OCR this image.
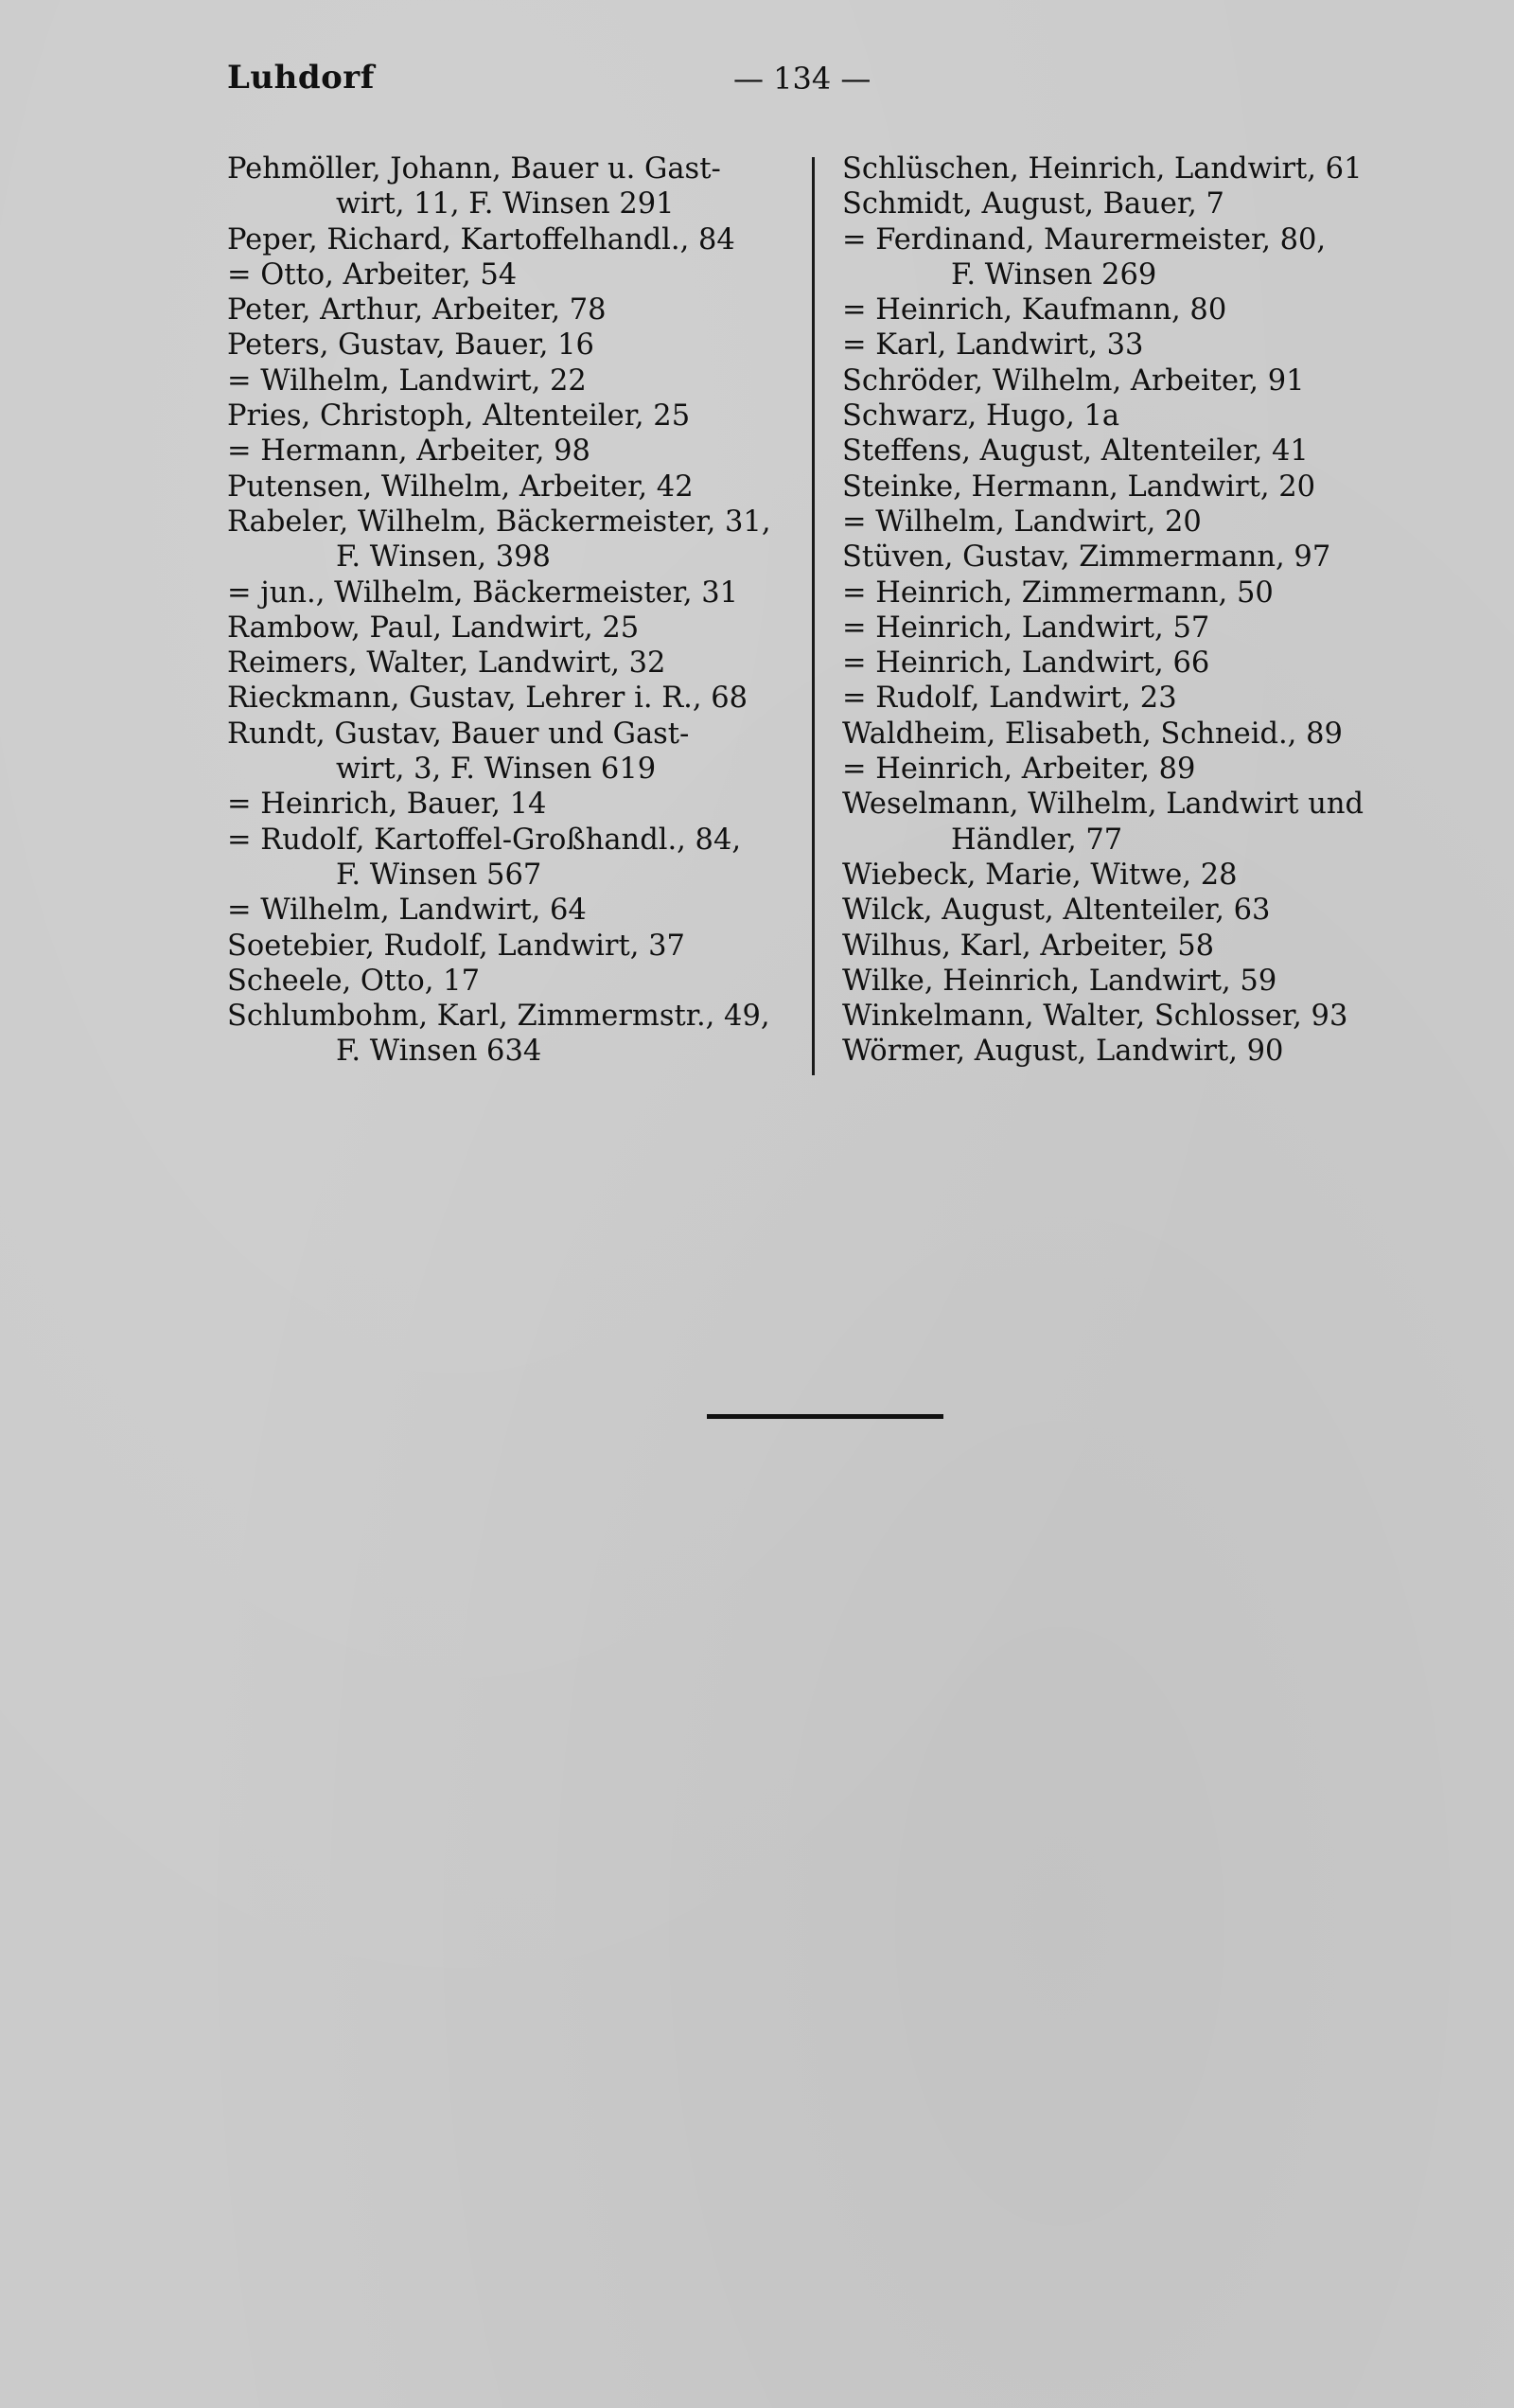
Luhdorf	— 134 —
Pehmöller, Johann, Bauer u. Gast-
wirt, 11, F. Winsen 291
Peper, Richard, Kartoffelhandl., 84
= Otto, Arbeiter, 54
Peter, Arthur, Arbeiter, 78
Peters, Gustav, Bauer, 16
= Wilhelm, Landwirt, 22
Pries, Christoph, Altenteiler, 25
= Hermann, Arbeiter, 98
Putensen, Wilhelm, Arbeiter, 42
Rabeler, Wilhelm, Bäckermeister, 31,
F. Winsen, 398
= jun., Wilhelm, Bäckermeister, 31
Rambow, Paul, Landwirt, 25
Reimers, Walter, Landwirt, 32
Rieckmann, Gustav, Lehrer i. R., 68
Rundt, Gustav, Bauer und Gast-
wirt, 3, F. Winsen 619
= Heinrich, Bauer, 14
= Rudolf, Kartoffel-Großhandl., 84,
F. Winsen 567
= Wilhelm, Landwirt, 64
Soetebier, Rudolf, Landwirt, 37
Scheele, Otto, 17
Schlumbohm, Karl, Zimmermstr., 49,
F. Winsen 634
Schlüschen, Heinrich, Landwirt, 61
Schmidt, August, Bauer, 7
= Ferdinand, Maurermeister, 80,
F. Winsen 269
= Heinrich, Kaufmann, 80
= Karl, Landwirt, 33
Schröder, Wilhelm, Arbeiter, 91
Schwarz, Hugo, 1a
Steffens, August, Altenteiler, 41
Steinke, Hermann, Landwirt, 20
= Wilhelm, Landwirt, 20
Stüven, Gustav, Zimmermann, 97
= Heinrich, Zimmermann, 50
= Heinrich, Landwirt, 57
= Heinrich, Landwirt, 66
= Rudolf, Landwirt, 23
Waldheim, Elisabeth, Schneid., 89
= Heinrich, Arbeiter, 89
Weselmann, Wilhelm, Landwirt und
Händler, 77
Wiebeck, Marie, Witwe, 28
Wilck, August, Altenteiler, 63
Wilhus, Karl, Arbeiter, 58
Wilke, Heinrich, Landwirt, 59
Winkelmann, Walter, Schlosser, 93
Wörmer, August, Landwirt, 90
